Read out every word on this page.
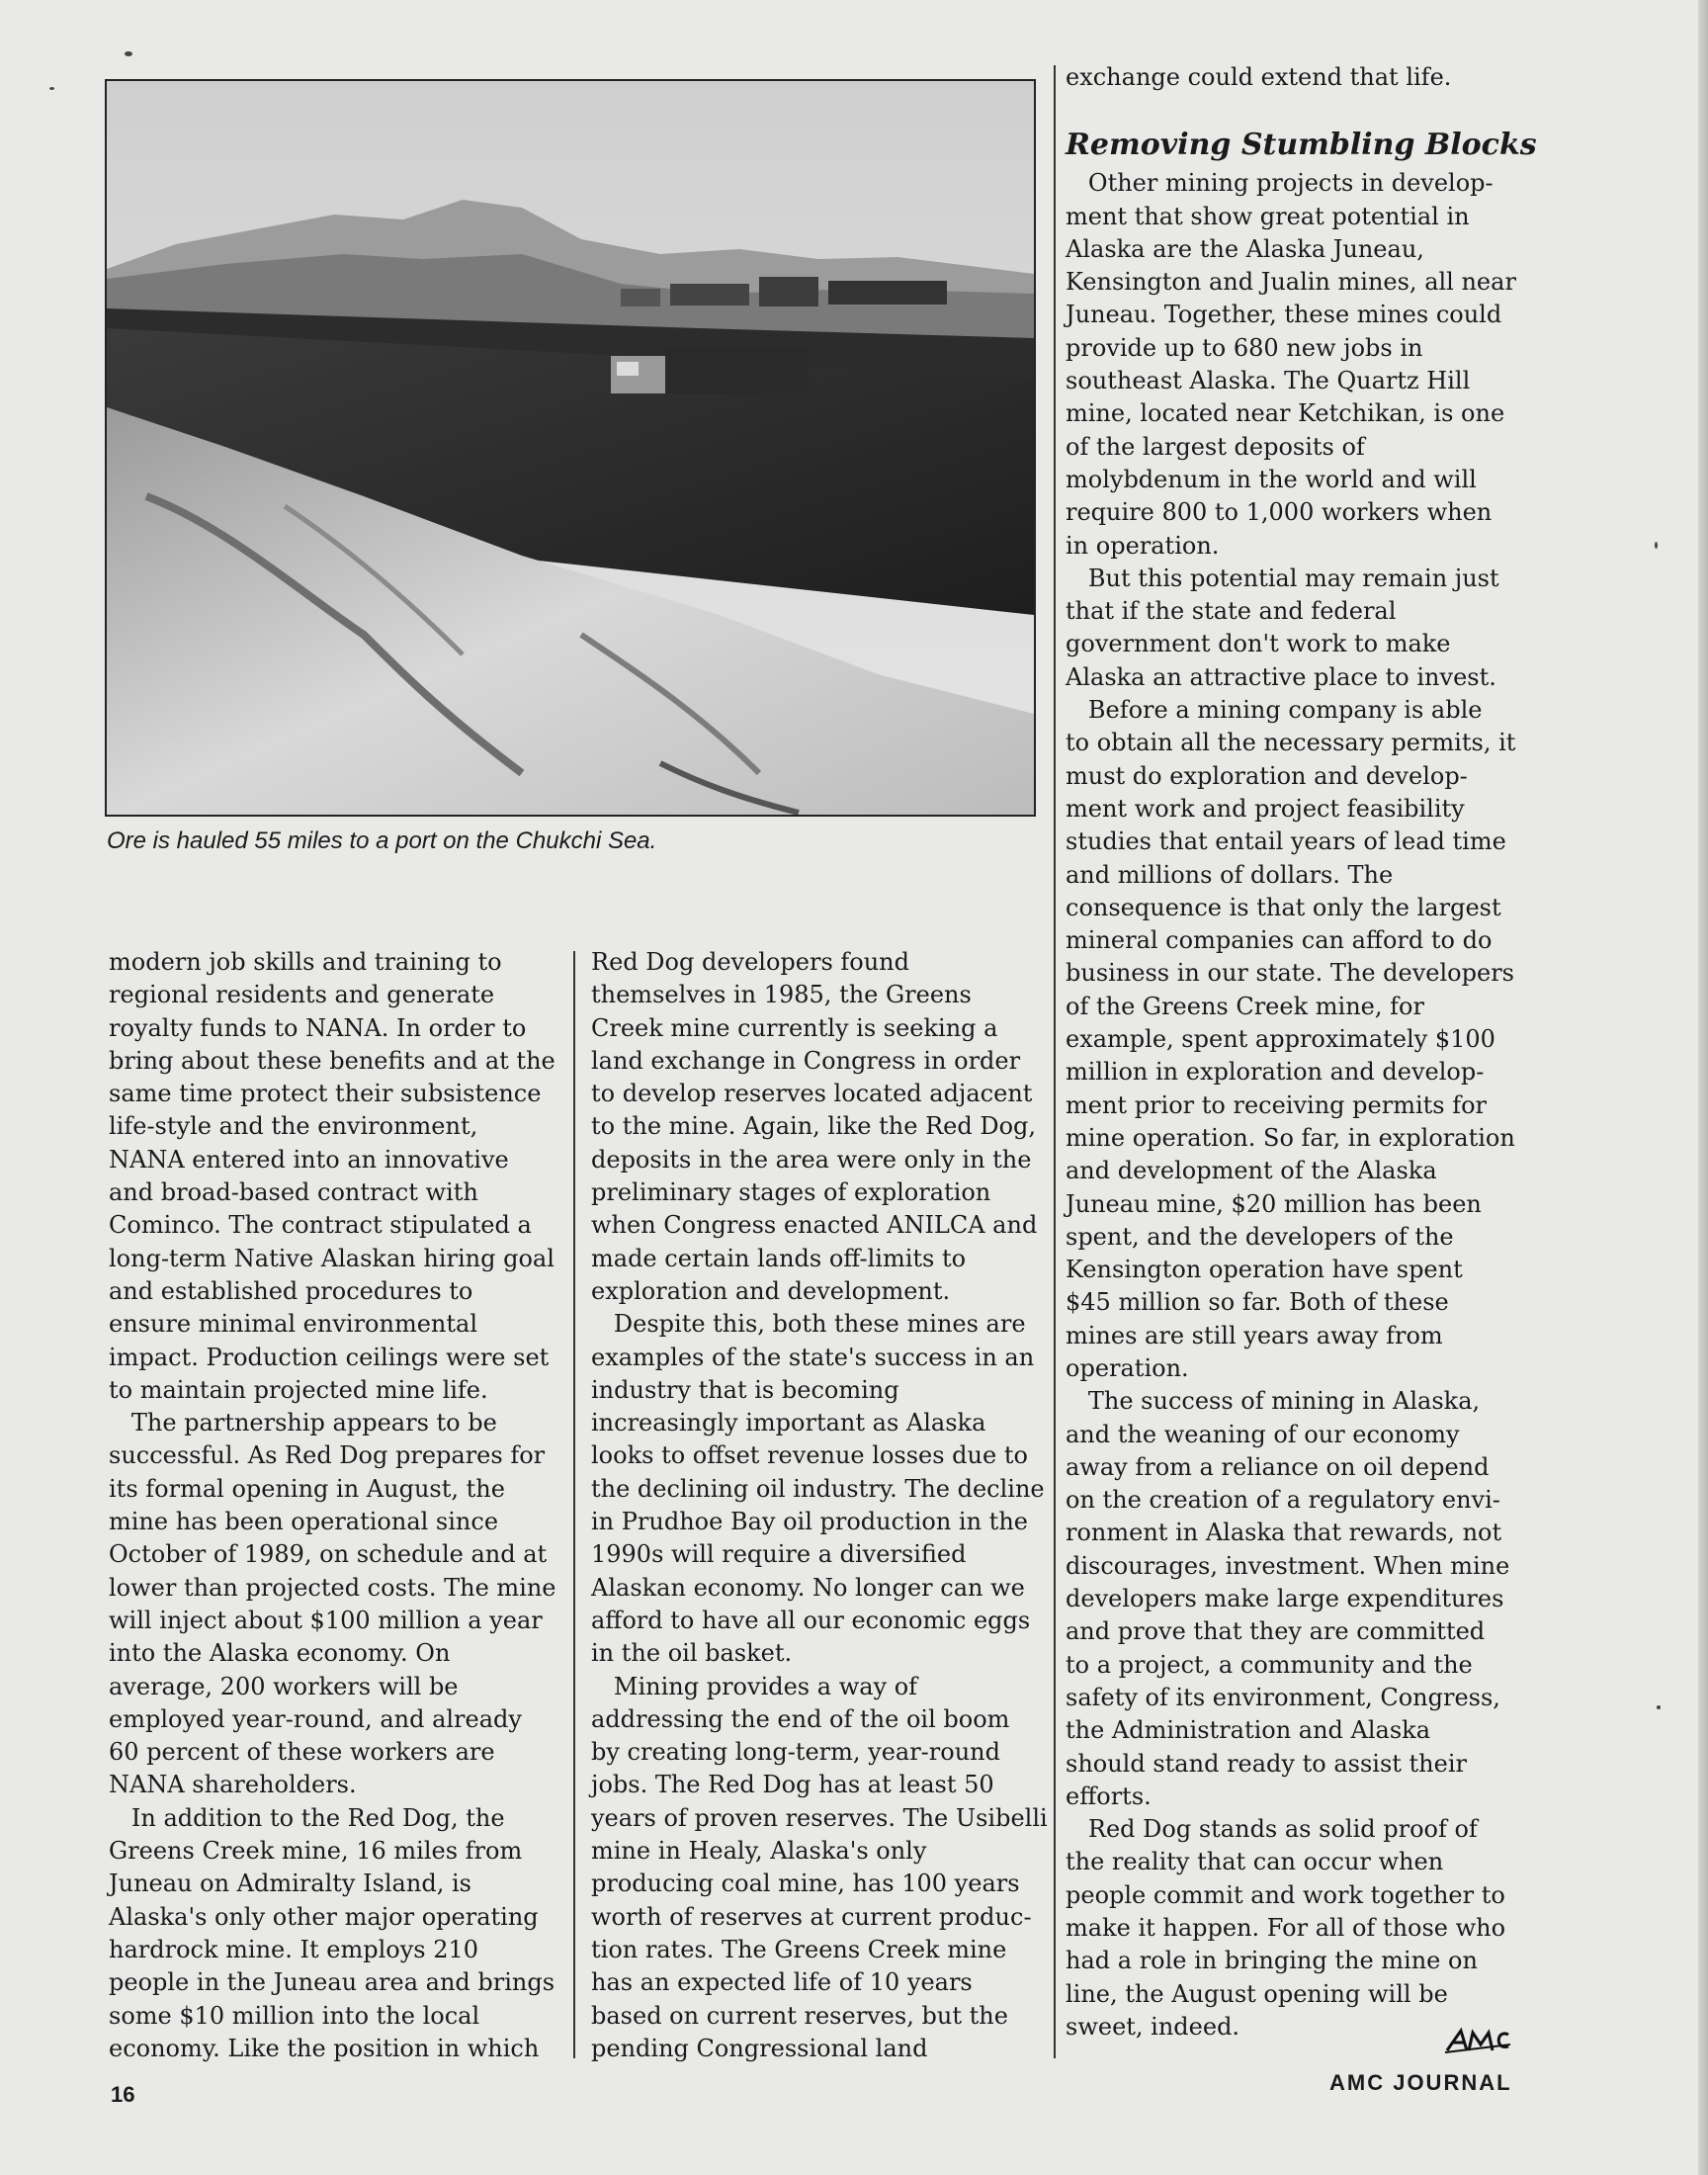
Ore is hauled 55 miles to a port on the Chukchi Sea.
modern job skills and training to
regional residents and generate
royalty funds to NANA. In order to
bring about these benefits and at the
same time protect their subsistence
life-style and the environment,
NANA entered into an innovative
and broad-based contract with
Cominco. The contract stipulated a
long-term Native Alaskan hiring goal
and established procedures to
ensure minimal environmental
impact. Production ceilings were set
to maintain projected mine life.
The partnership appears to be
successful. As Red Dog prepares for
its formal opening in August, the
mine has been operational since
October of 1989, on schedule and at
lower than projected costs. The mine
will inject about $100 million a year
into the Alaska economy. On
average, 200 workers will be
employed year-round, and already
60 percent of these workers are
NANA shareholders.
In addition to the Red Dog, the
Greens Creek mine, 16 miles from
Juneau on Admiralty Island, is
Alaska's only other major operating
hardrock mine. It employs 210
people in the Juneau area and brings
some $10 million into the local
economy. Like the position in which
Red Dog developers found
themselves in 1985, the Greens
Creek mine currently is seeking a
land exchange in Congress in order
to develop reserves located adjacent
to the mine. Again, like the Red Dog,
deposits in the area were only in the
preliminary stages of exploration
when Congress enacted ANILCA and
made certain lands off-limits to
exploration and development.
Despite this, both these mines are
examples of the state's success in an
industry that is becoming
increasingly important as Alaska
looks to offset revenue losses due to
the declining oil industry. The decline
in Prudhoe Bay oil production in the
1990s will require a diversified
Alaskan economy. No longer can we
afford to have all our economic eggs
in the oil basket.
Mining provides a way of
addressing the end of the oil boom
by creating long-term, year-round
jobs. The Red Dog has at least 50
years of proven reserves. The Usibelli
mine in Healy, Alaska's only
producing coal mine, has 100 years
worth of reserves at current produc-
tion rates. The Greens Creek mine
has an expected life of 10 years
based on current reserves, but the
pending Congressional land
exchange could extend that life.
Removing Stumbling Blocks
Other mining projects in develop-
ment that show great potential in
Alaska are the Alaska Juneau,
Kensington and Jualin mines, all near
Juneau. Together, these mines could
provide up to 680 new jobs in
southeast Alaska. The Quartz Hill
mine, located near Ketchikan, is one
of the largest deposits of
molybdenum in the world and will
require 800 to 1,000 workers when
in operation.
But this potential may remain just
that if the state and federal
government don't work to make
Alaska an attractive place to invest.
Before a mining company is able
to obtain all the necessary permits, it
must do exploration and develop-
ment work and project feasibility
studies that entail years of lead time
and millions of dollars. The
consequence is that only the largest
mineral companies can afford to do
business in our state. The developers
of the Greens Creek mine, for
example, spent approximately $100
million in exploration and develop-
ment prior to receiving permits for
mine operation. So far, in exploration
and development of the Alaska
Juneau mine, $20 million has been
spent, and the developers of the
Kensington operation have spent
$45 million so far. Both of these
mines are still years away from
operation.
The success of mining in Alaska,
and the weaning of our economy
away from a reliance on oil depend
on the creation of a regulatory envi-
ronment in Alaska that rewards, not
discourages, investment. When mine
developers make large expenditures
and prove that they are committed
to a project, a community and the
safety of its environment, Congress,
the Administration and Alaska
should stand ready to assist their
efforts.
Red Dog stands as solid proof of
the reality that can occur when
people commit and work together to
make it happen. For all of those who
had a role in bringing the mine on
line, the August opening will be
sweet, indeed.
16	AMC JOURNAL
